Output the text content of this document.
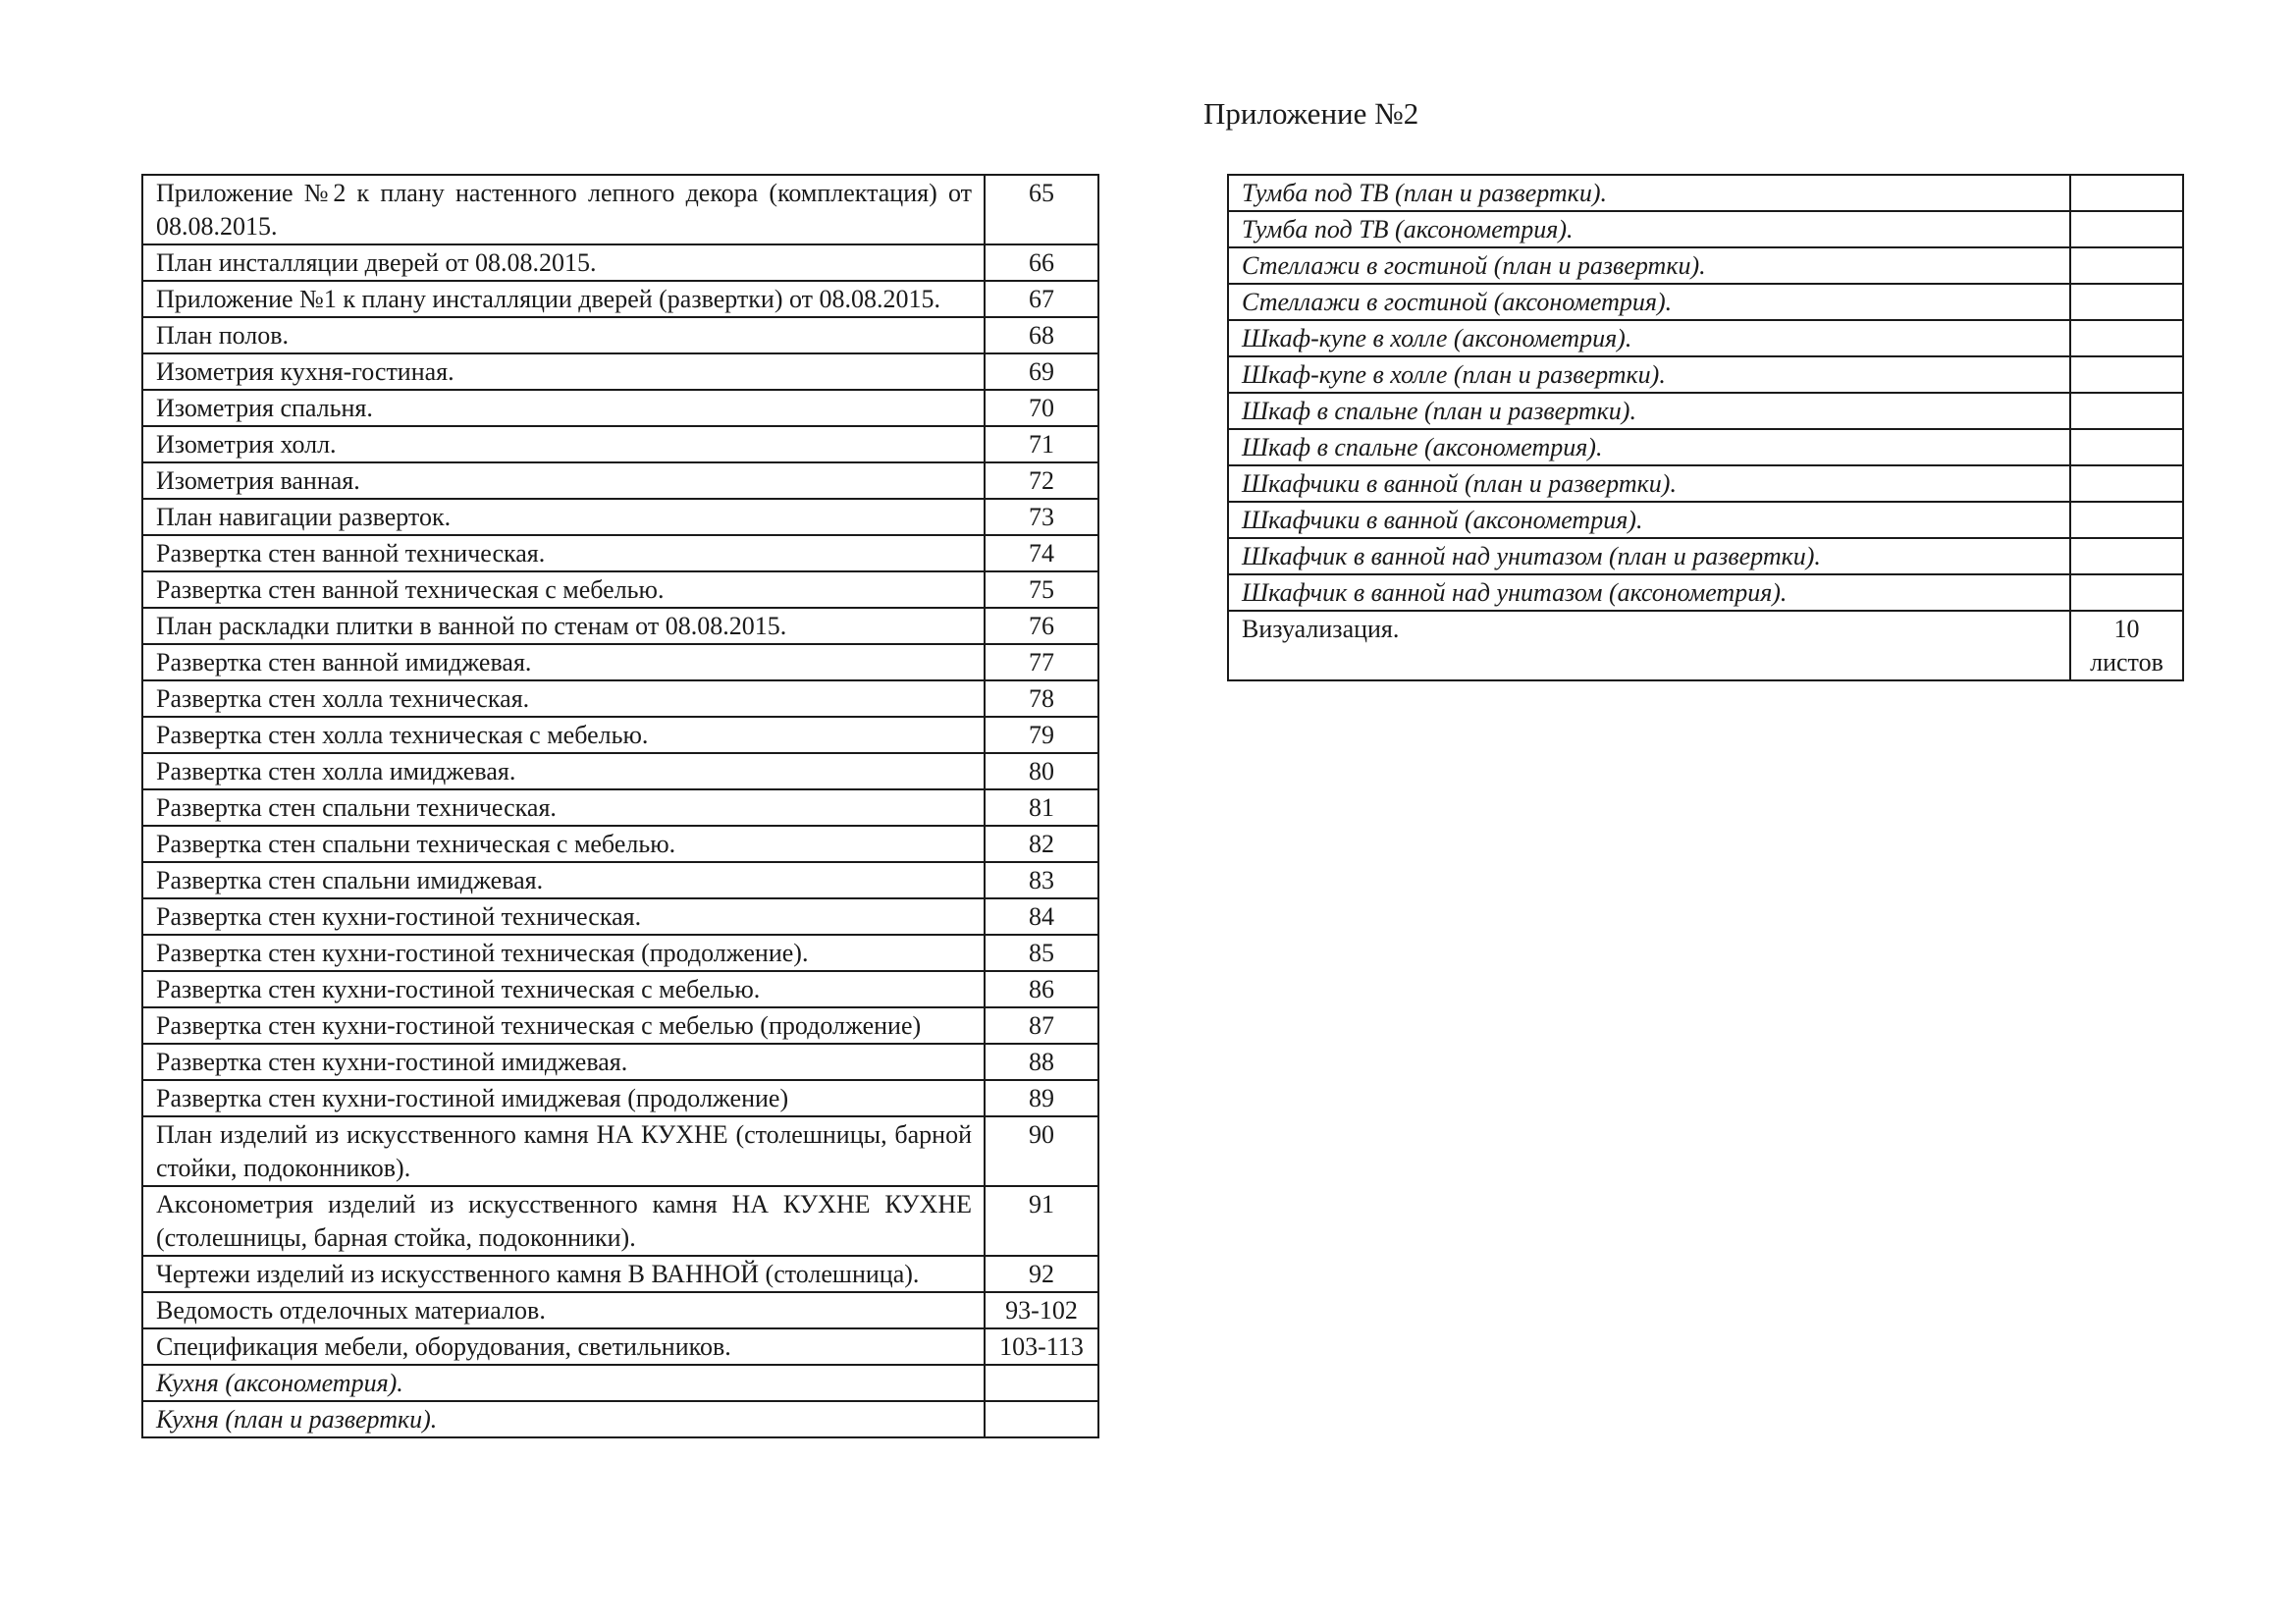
Приложение №2
Приложение №2 к плану настенного лепного декора (комплектация) от 08.08.2015.	65
План инсталляции дверей от 08.08.2015.	66
Приложение №1 к плану инсталляции дверей (развертки) от 08.08.2015.	67
План полов.	68
Изометрия кухня-гостиная.	69
Изометрия спальня.	70
Изометрия холл.	71
Изометрия ванная.	72
План навигации разверток.	73
Развертка стен ванной техническая.	74
Развертка стен ванной техническая с мебелью.	75
План раскладки плитки в ванной по стенам от 08.08.2015.	76
Развертка стен ванной имиджевая.	77
Развертка стен холла техническая.	78
Развертка стен холла техническая с мебелью.	79
Развертка стен холла имиджевая.	80
Развертка стен спальни техническая.	81
Развертка стен спальни техническая с мебелью.	82
Развертка стен спальни имиджевая.	83
Развертка стен кухни-гостиной техническая.	84
Развертка стен кухни-гостиной техническая (продолжение).	85
Развертка стен кухни-гостиной техническая с мебелью.	86
Развертка стен кухни-гостиной техническая с мебелью (продолжение)	87
Развертка стен кухни-гостиной имиджевая.	88
Развертка стен кухни-гостиной имиджевая (продолжение)	89
План изделий из искусственного камня НА КУХНЕ (столешницы, барной стойки, подоконников).	90
Аксонометрия изделий из искусственного камня НА КУХНЕ КУХНЕ (столешницы, барная стойка, подоконники).	91
Чертежи изделий из искусственного камня В ВАННОЙ (столешница).	92
Ведомость отделочных материалов.	93-102
Спецификация мебели, оборудования, светильников.	103-113
Кухня (аксонометрия).	
Кухня (план и развертки).	
Тумба под ТВ (план и развертки).	
Тумба под ТВ (аксонометрия).	
Стеллажи в гостиной (план и развертки).	
Стеллажи в гостиной (аксонометрия).	
Шкаф-купе в холле (аксонометрия).	
Шкаф-купе в холле (план и развертки).	
Шкаф в спальне (план и развертки).	
Шкаф в спальне (аксонометрия).	
Шкафчики в ванной (план и развертки).	
Шкафчики в ванной (аксонометрия).	
Шкафчик в ванной над унитазом (план и развертки).	
Шкафчик в ванной над унитазом (аксонометрия).	
Визуализация.	10 листов
